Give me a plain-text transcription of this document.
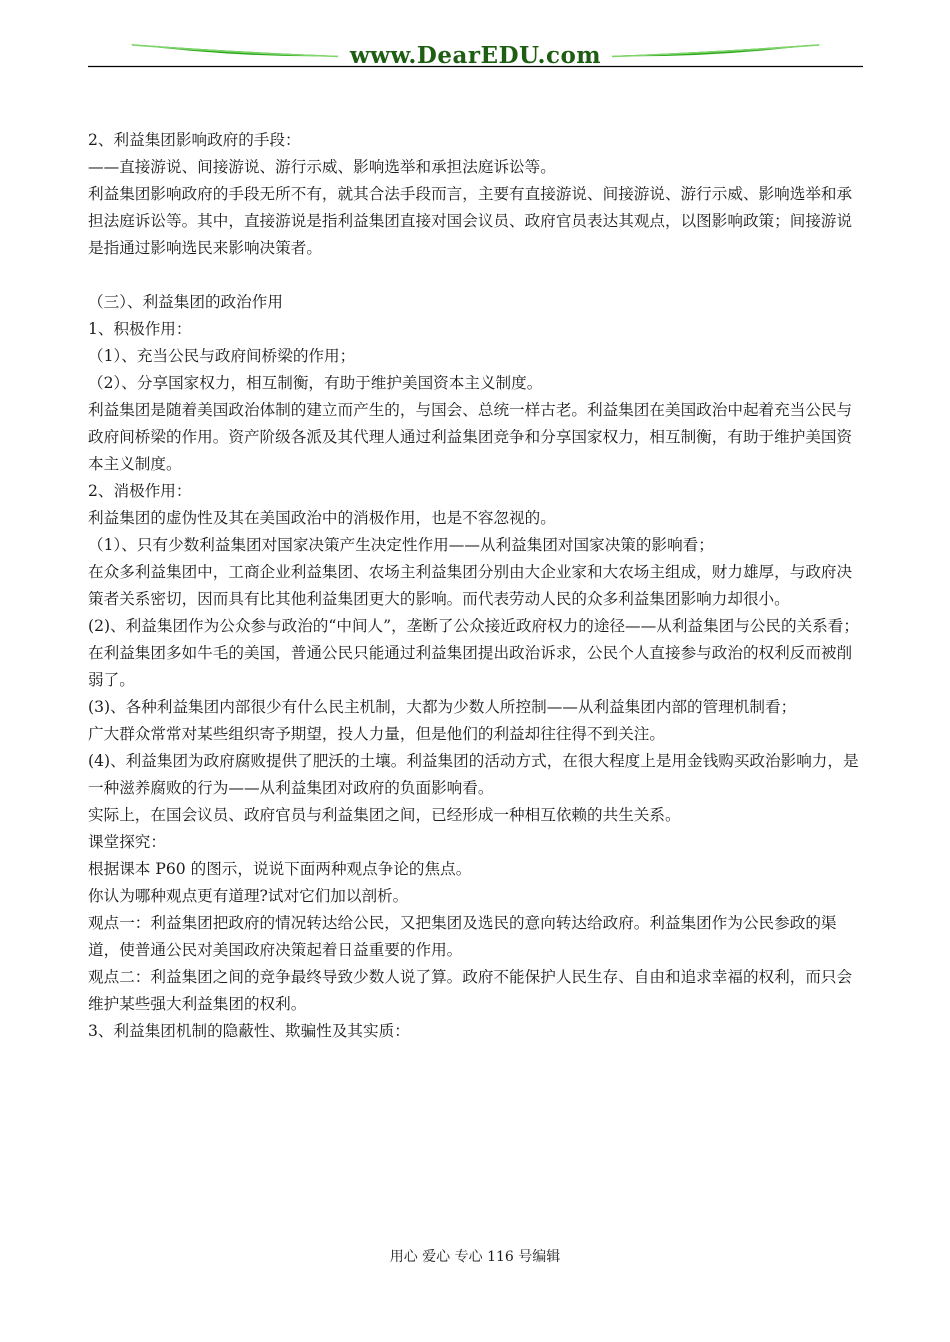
www.DearEDU.com

2、利益集团影响政府的手段：

——直接游说、间接游说、游行示威、影响选举和承担法庭诉讼等。

利益集团影响政府的手段无所不有，就其合法手段而言，主要有直接游说、间接游说、游行示威、影响选举和承担法庭诉讼等。其中，直接游说是指利益集团直接对国会议员、政府官员表达其观点，以图影响政策；间接游说是指通过影响选民来影响决策者。

（三）、利益集团的政治作用

1、积极作用：

（1）、充当公民与政府间桥梁的作用；

（2）、分享国家权力，相互制衡，有助于维护美国资本主义制度。

利益集团是随着美国政治体制的建立而产生的，与国会、总统一样古老。利益集团在美国政治中起着充当公民与政府间桥梁的作用。资产阶级各派及其代理人通过利益集团竞争和分享国家权力，相互制衡，有助于维护美国资本主义制度。

2、消极作用：

利益集团的虚伪性及其在美国政治中的消极作用，也是不容忽视的。

（1）、只有少数利益集团对国家决策产生决定性作用——从利益集团对国家决策的影响看；

在众多利益集团中，工商企业利益集团、农场主利益集团分别由大企业家和大农场主组成，财力雄厚，与政府决策者关系密切，因而具有比其他利益集团更大的影响。而代表劳动人民的众多利益集团影响力却很小。

(2)、利益集团作为公众参与政治的“中间人”，垄断了公众接近政府权力的途径——从利益集团与公民的关系看；

在利益集团多如牛毛的美国，普通公民只能通过利益集团提出政治诉求，公民个人直接参与政治的权利反而被削弱了。

(3)、各种利益集团内部很少有什么民主机制，大都为少数人所控制——从利益集团内部的管理机制看；

广大群众常常对某些组织寄予期望，投人力量，但是他们的利益却往往得不到关注。

(4)、利益集团为政府腐败提供了肥沃的土壤。利益集团的活动方式，在很大程度上是用金钱购买政治影响力，是一种滋养腐败的行为——从利益集团对政府的负面影响看。

实际上，在国会议员、政府官员与利益集团之间，已经形成一种相互依赖的共生关系。

课堂探究：

根据课本 P60 的图示，说说下面两种观点争论的焦点。

你认为哪种观点更有道理?试对它们加以剖析。

观点一：利益集团把政府的情况转达给公民，又把集团及选民的意向转达给政府。利益集团作为公民参政的渠道，使普通公民对美国政府决策起着日益重要的作用。

观点二：利益集团之间的竞争最终导致少数人说了算。政府不能保护人民生存、自由和追求幸福的权利，而只会维护某些强大利益集团的权利。

3、利益集团机制的隐蔽性、欺骗性及其实质：

用心 爱心 专心 116 号编辑
